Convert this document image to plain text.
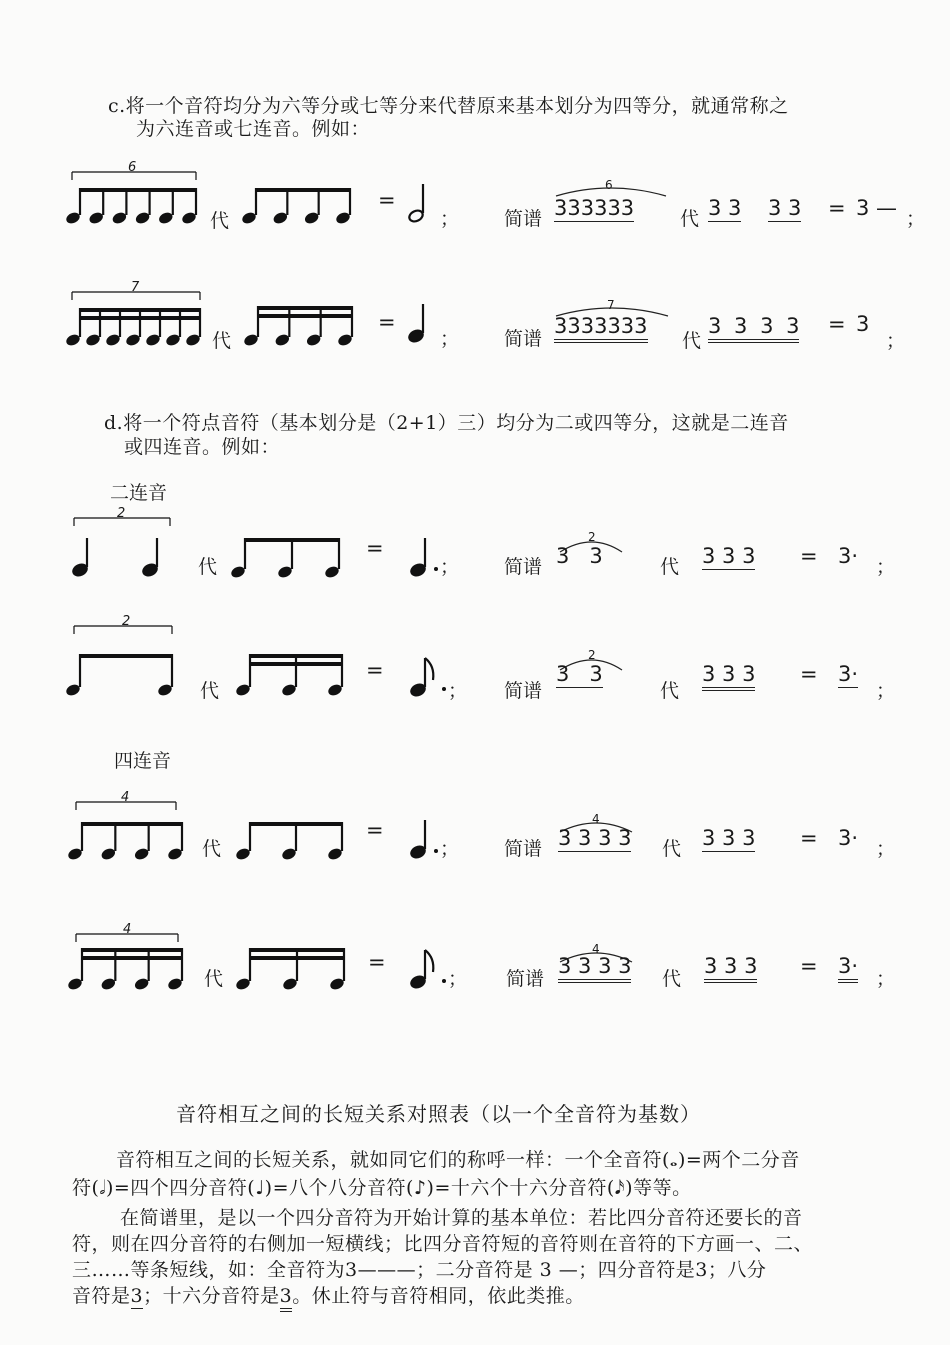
c.将一个音符均分为六等分或七等分来代替原来基本划分为四等分，就通常称之
为六连音或七连音。例如：
6
7
2
2
4
4
6
7
2
2
4
4
代
=
； 简谱 333333 代 3 3 3 3 = 3 — ；
代
=
； 简谱
3333333
代
3 3 3 3 = 3
；
d.将一个符点音符（基本划分是（2+1）三）均分为二或四等分，这就是二连音
或四连音。例如：
二连音
代
=
； 简谱 3   3	代 3 3 3 = 3· ；
代
=
； 简谱
3   3
代
3 3 3 = 3·
；
四连音
代
=
； 简谱 3 3 3 3 代 3 3 3 = 3· ；
代
=
； 简谱
3 3 3 3
代
3 3 3 = 3·
；
音符相互之间的长短关系对照表（以一个全音符为基数）
音符相互之间的长短关系，就如同它们的称呼一样：一个全音符(𝅝)=两个二分音
符(𝅗𝅥)=四个四分音符(♩)=八个八分音符(♪)=十六个十六分音符(𝅘𝅥𝅯)等等。
在简谱里，是以一个四分音符为开始计算的基本单位：若比四分音符还要长的音
符，则在四分音符的右侧加一短横线；比四分音符短的音符则在音符的下方画一、二、
三……等条短线，如：全音符为3———；二分音符是 3 —；四分音符是3；八分
音符是3；十六分音符是3。休止符与音符相同，依此类推。
